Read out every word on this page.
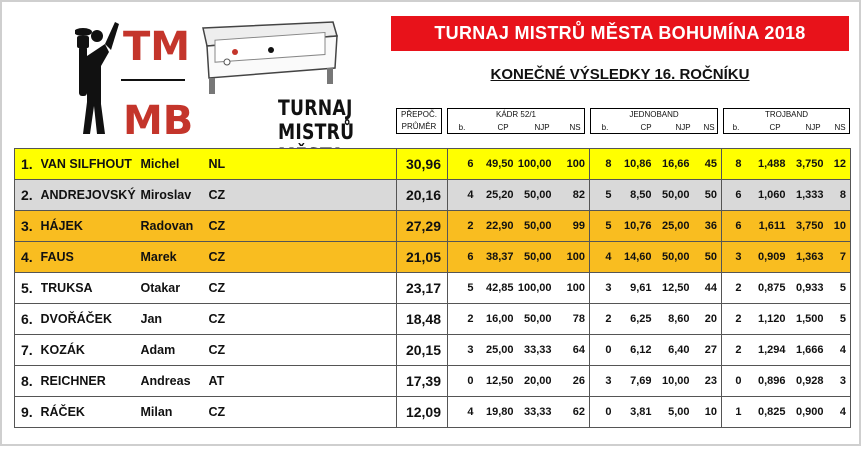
TM
MB	TURNAJ MISTRŮ
TURNAJ MISTRŮ MĚSTA BOHUMÍNA 2018
KONEČNÉ VÝSLEDKY 16. ROČNÍKU
PŘEPOČ.
PRŮMĚR
KÁDR 52/1
b.	CP	NJP	NS
JEDNOBAND
b.	CP	NJP	NS
TROJBAND
b.	CP	NJP	NS
1.	VAN SILFHOUT	Michel	NL	30,96	6	49,50	100,00	100	8	10,86	16,66	45	8	1,488	3,750	12
2.	ANDREJOVSKÝ	Miroslav	CZ	20,16	4	25,20	50,00	82	5	8,50	50,00	50	6	1,060	1,333	8
3.	HÁJEK	Radovan	CZ	27,29	2	22,90	50,00	99	5	10,76	25,00	36	6	1,611	3,750	10
4.	FAUS	Marek	CZ	21,05	6	38,37	50,00	100	4	14,60	50,00	50	3	0,909	1,363	7
5.	TRUKSA	Otakar	CZ	23,17	5	42,85	100,00	100	3	9,61	12,50	44	2	0,875	0,933	5
6.	DVOŘÁČEK	Jan	CZ	18,48	2	16,00	50,00	78	2	6,25	8,60	20	2	1,120	1,500	5
7.	KOZÁK	Adam	CZ	20,15	3	25,00	33,33	64	0	6,12	6,40	27	2	1,294	1,666	4
8.	REICHNER	Andreas	AT	17,39	0	12,50	20,00	26	3	7,69	10,00	23	0	0,896	0,928	3
9.	RÁČEK	Milan	CZ	12,09	4	19,80	33,33	62	0	3,81	5,00	10	1	0,825	0,900	4
